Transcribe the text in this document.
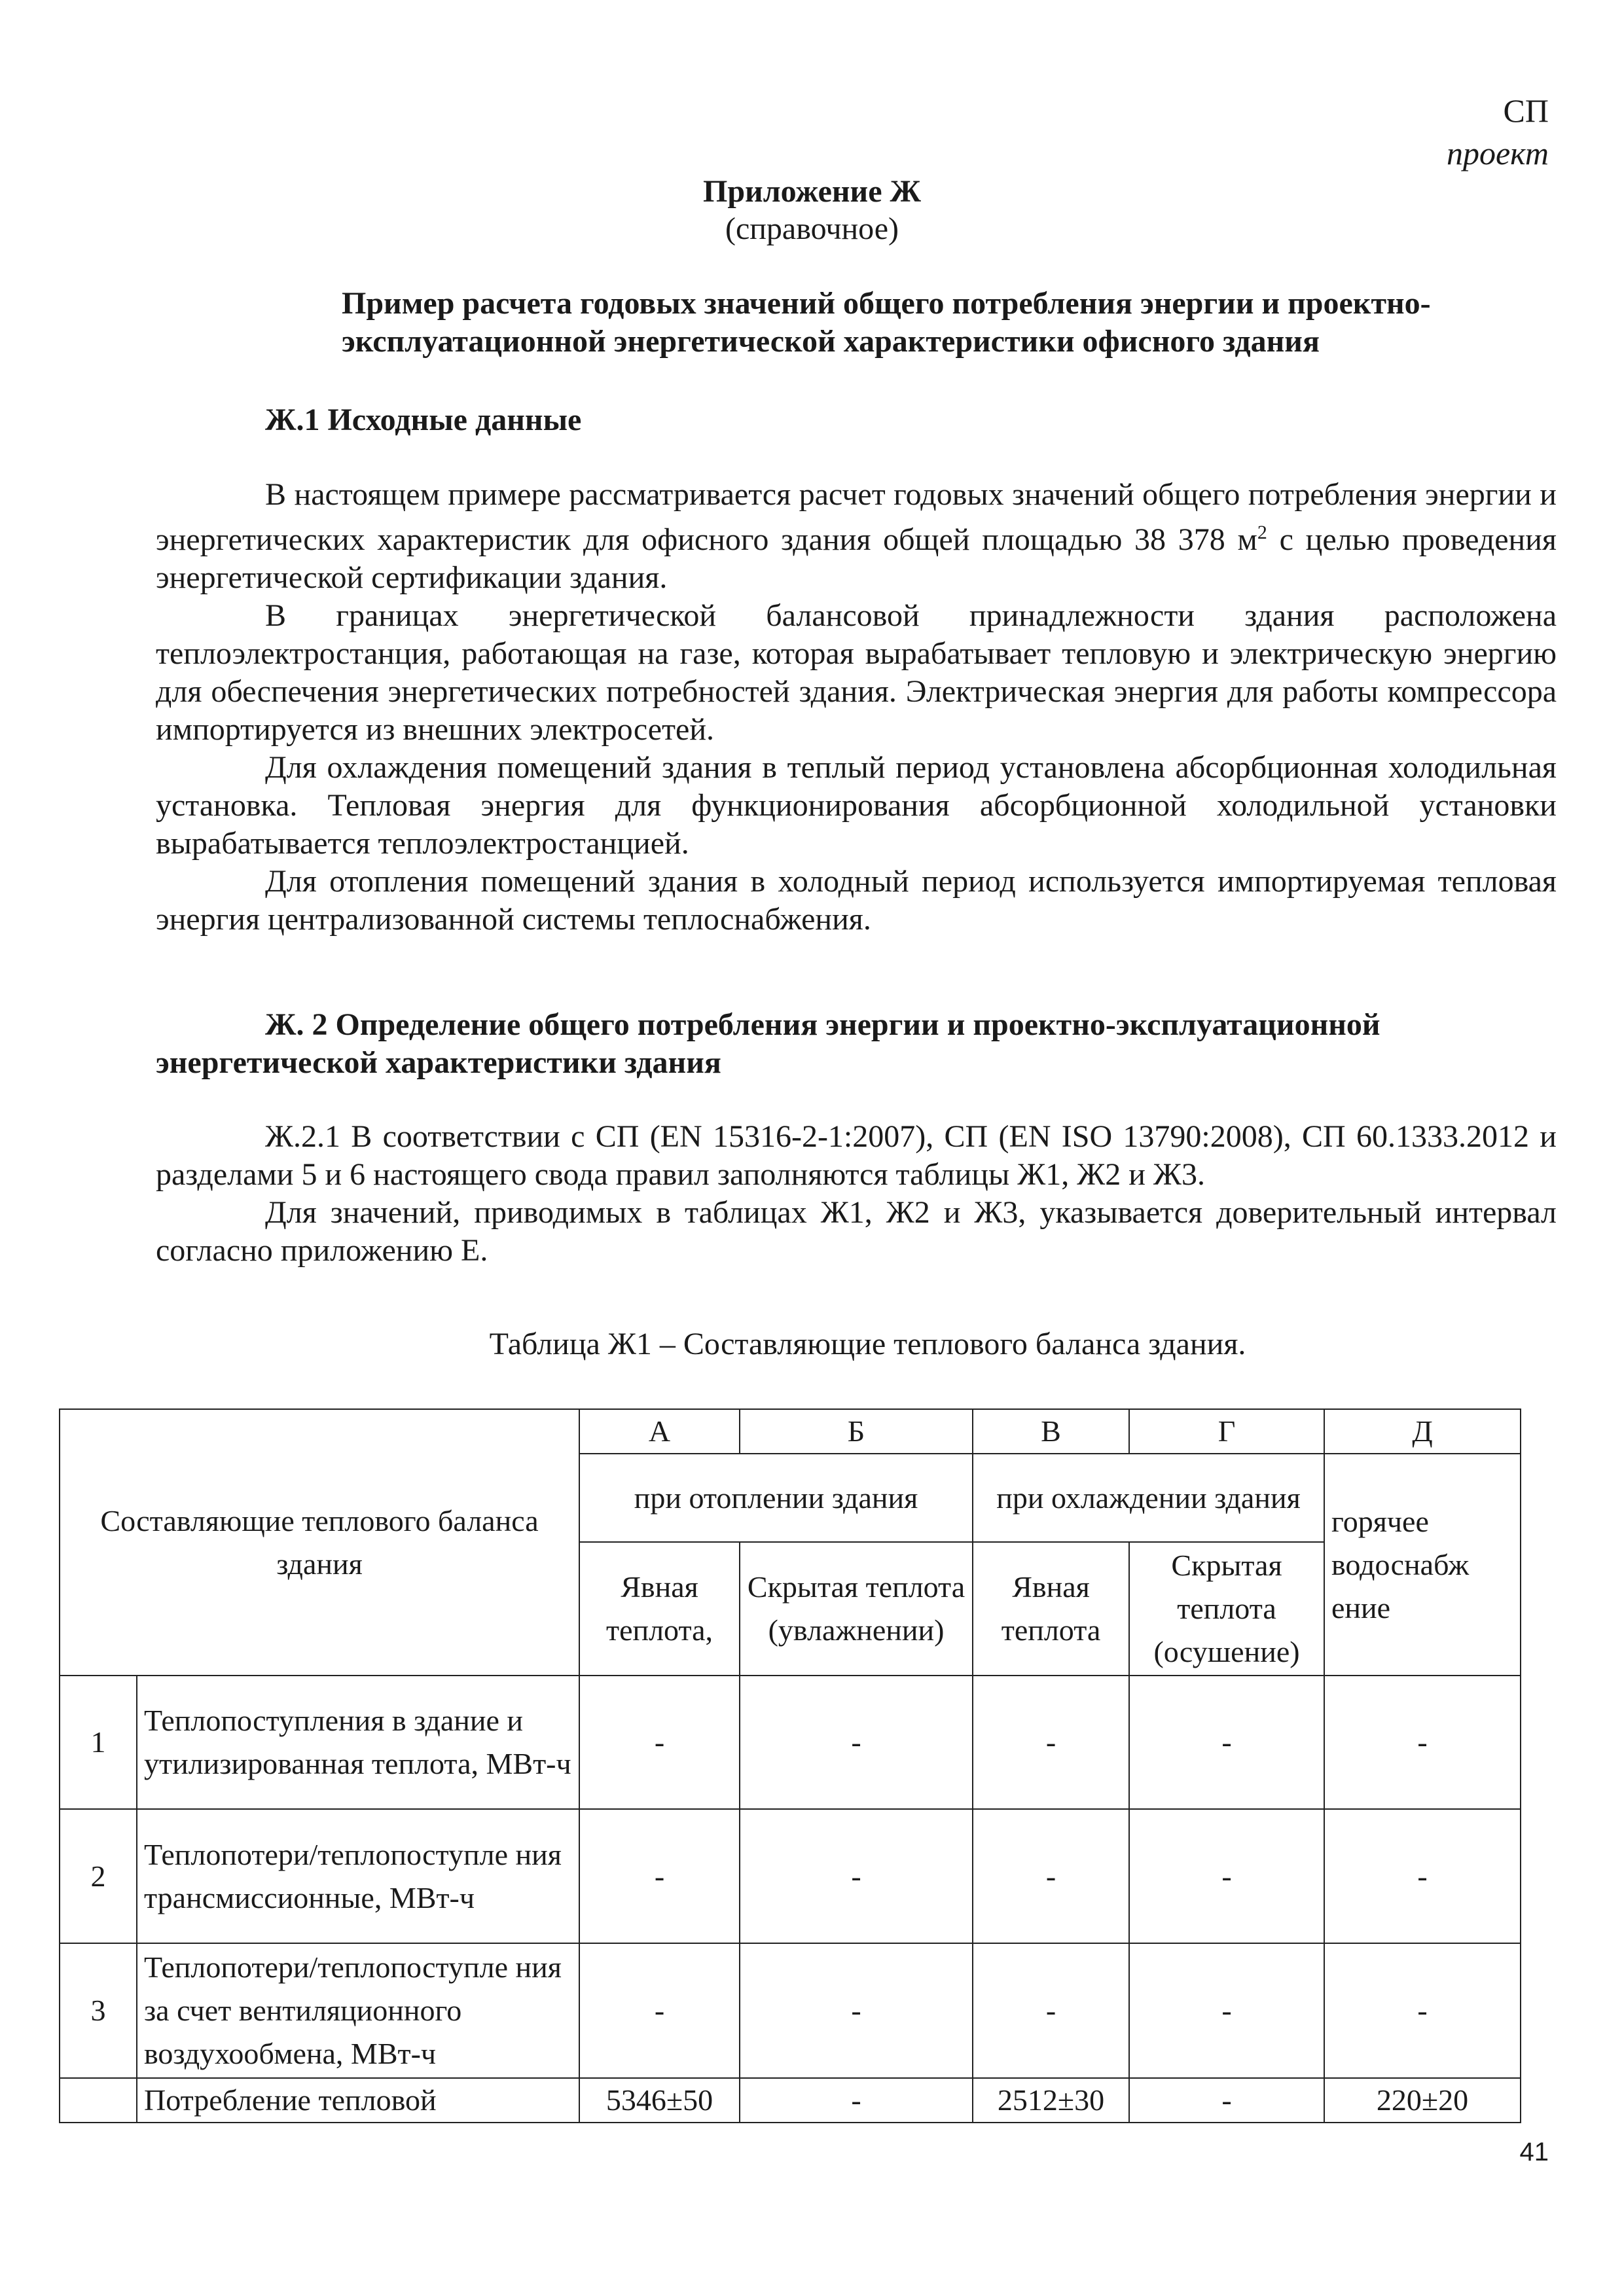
СП
проект
Приложение Ж
(справочное)
Пример расчета годовых значений общего потребления энергии и проектно-эксплуатационной энергетической характеристики офисного здания
Ж.1 Исходные данные

В настоящем примере рассматривается расчет годовых значений общего потребления энергии и энергетических характеристик для офисного здания общей площадью 38 378 $м^2$ с целью проведения энергетической сертификации здания.

В границах энергетической балансовой принадлежности здания расположена теплоэлектростанция, работающая на газе, которая вырабатывает тепловую и электрическую энергию для обеспечения энергетических потребностей здания. Электрическая энергия для работы компрессора импортируется из внешних электросетей.

Для охлаждения помещений здания в теплый период установлена абсорбционная холодильная установка. Тепловая энергия для функционирования абсорбционной холодильной установки вырабатывается теплоэлектростанцией.

Для отопления помещений здания в холодный период используется импортируемая тепловая энергия централизованной системы теплоснабжения.

Ж. 2 Определение общего потребления энергии и проектно-эксплуатационной энергетической характеристики здания

Ж.2.1 В соответствии с СП (EN 15316-2-1:2007), СП (EN ISO 13790:2008), СП 60.1333.2012 и разделами 5 и 6 настоящего свода правил заполняются таблицы Ж1, Ж2 и Ж3.

Для значений, приводимых в таблицах Ж1, Ж2 и Ж3, указывается доверительный интервал согласно приложению Е.

Таблица Ж1 – Составляющие теплового баланса здания.
Составляющие теплового баланса здания		А	Б	В	Г	Д
		при отоплении здания		при охлаждении здания		горячее водоснабж ение
		Явная теплота,	Скрытая теплота (увлажнении)	Явная теплота	Скрытая теплота (осушение)	
1	Теплопоступления в здание и утилизированная теплота, МВт-ч	-	-	-	-	-
2	Теплопотери/теплопоступле ния трансмиссионные, МВт-ч	-	-	-	-	-
3	Теплопотери/теплопоступле ния за счет вентиляционного воздухообмена, МВт-ч	-	-	-	-	-
	Потребление тепловой	5346±50	-	2512±30	-	220±20
41
